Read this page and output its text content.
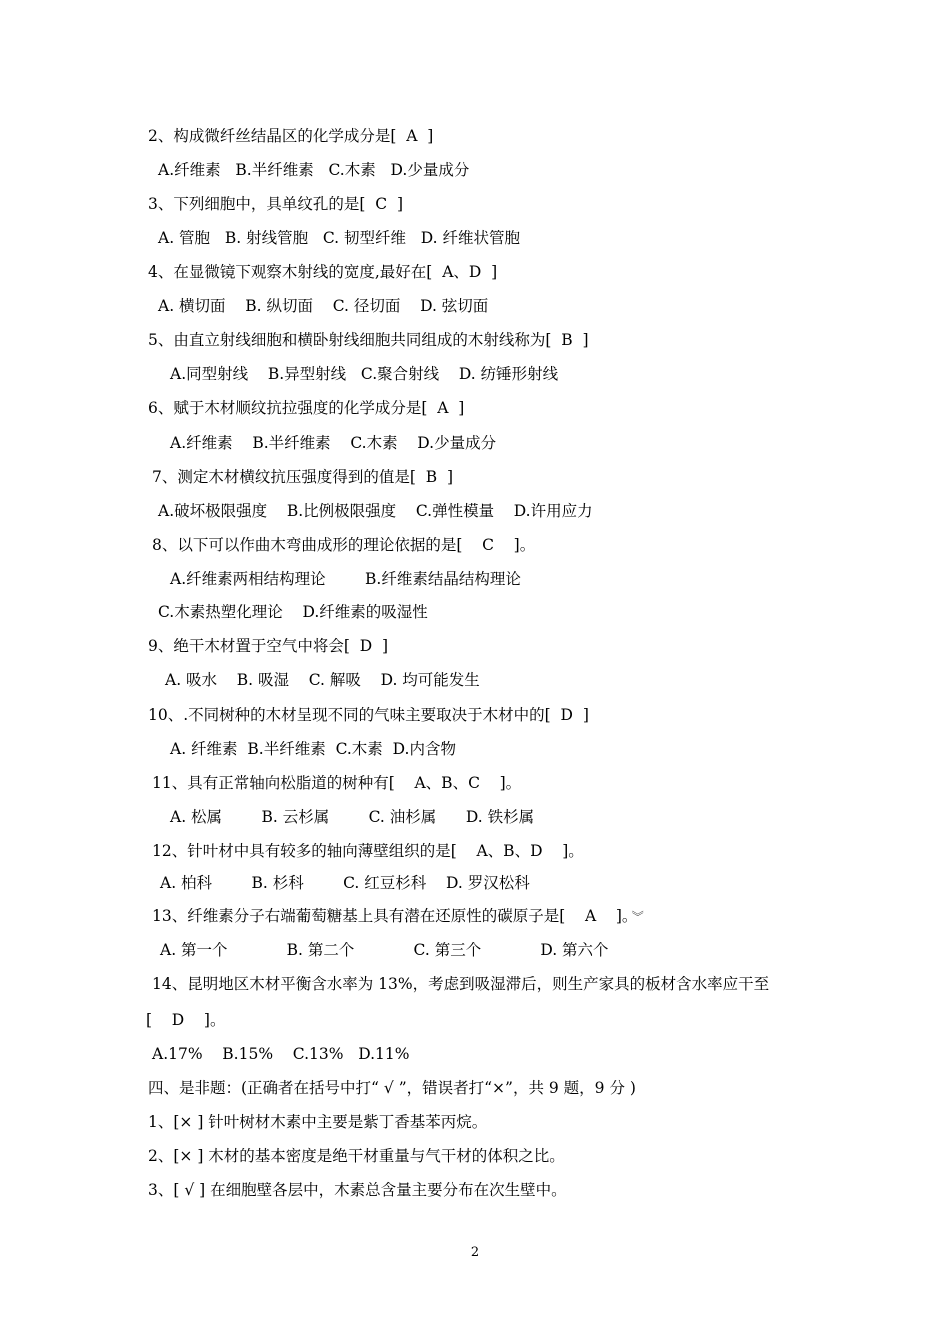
2、构成微纤丝结晶区的化学成分是[  A  ]
A.纤维素   B.半纤维素   C.木素   D.少量成分
3、下列细胞中，具单纹孔的是[  C  ]
A. 管胞   B. 射线管胞   C. 韧型纤维   D. 纤维状管胞
4、在显微镜下观察木射线的宽度,最好在[  A、D  ]
A. 横切面    B. 纵切面    C. 径切面    D. 弦切面
5、由直立射线细胞和横卧射线细胞共同组成的木射线称为[  B  ]
A.同型射线    B.异型射线   C.聚合射线    D. 纺锤形射线
6、赋于木材顺纹抗拉强度的化学成分是[  A  ]
A.纤维素    B.半纤维素    C.木素    D.少量成分
7、测定木材横纹抗压强度得到的值是[  B  ]
A.破坏极限强度    B.比例极限强度    C.弹性模量    D.许用应力
8、以下可以作曲木弯曲成形的理论依据的是[    C    ]。
A.纤维素两相结构理论        B.纤维素结晶结构理论
C.木素热塑化理论    D.纤维素的吸湿性
9、绝干木材置于空气中将会[  D  ]
A. 吸水    B. 吸湿    C. 解吸    D. 均可能发生
10、.不同树种的木材呈现不同的气味主要取决于木材中的[  D  ]
A. 纤维素  B.半纤维素  C.木素  D.内含物
11、具有正常轴向松脂道的树种有[    A、B、C    ]。
A. 松属        B. 云杉属        C. 油杉属      D. 铁杉属
12、针叶材中具有较多的轴向薄壁组织的是[    A、B、D    ]。
A. 柏科        B. 杉科        C. 红豆杉科    D. 罗汉松科
13、纤维素分子右端葡萄糖基上具有潜在还原性的碳原子是[    A    ]。 ︾
A. 第一个            B. 第二个            C. 第三个            D. 第六个
14、昆明地区木材平衡含水率为 13%，考虑到吸湿滞后，则生产家具的板材含水率应干至
[    D    ]。
A.17%    B.15%    C.13%   D.11%
四、是非题：(正确者在括号中打“ √ ”，错误者打“×”，共 9 题，9 分 )
1、[× ] 针叶树材木素中主要是紫丁香基苯丙烷。
2、[× ] 木材的基本密度是绝干材重量与气干材的体积之比。
3、[ √ ] 在细胞壁各层中，木素总含量主要分布在次生壁中。
2
